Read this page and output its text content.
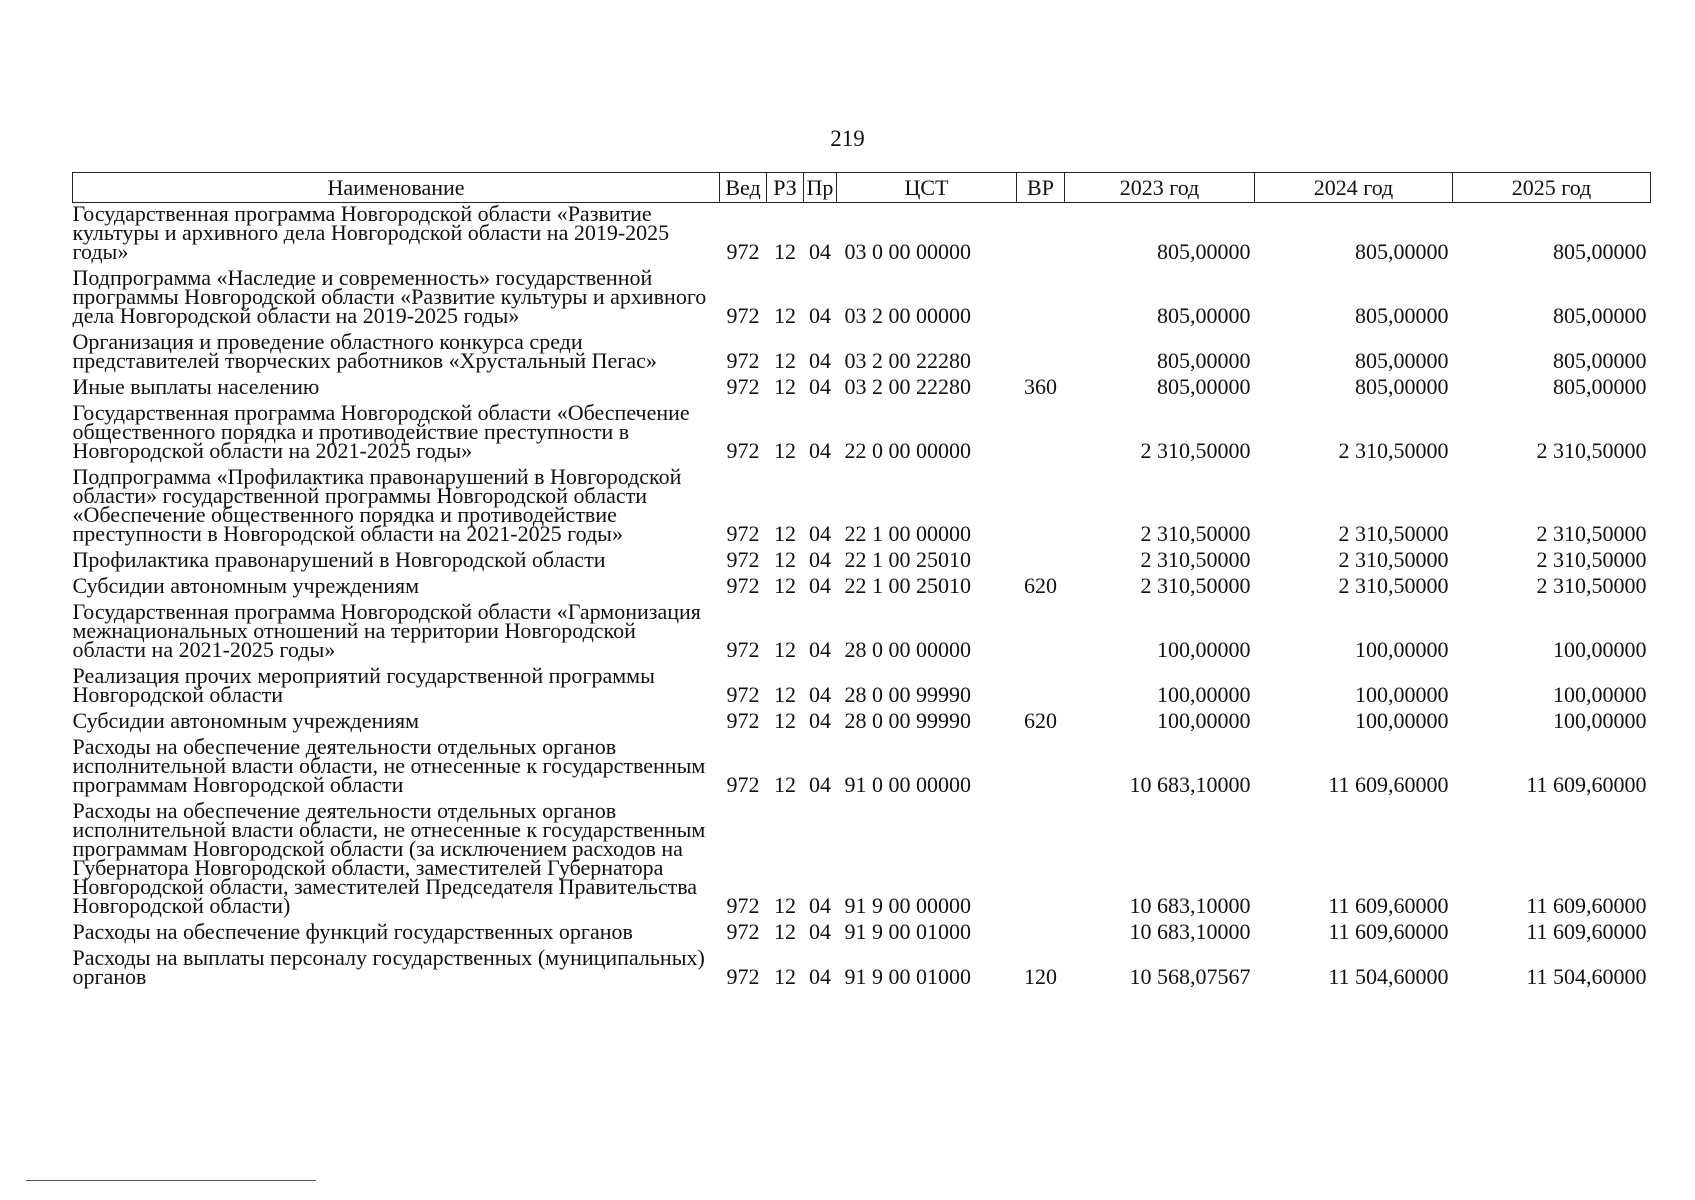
219
Наименование	Вед	РЗ	Пр	ЦСТ	ВР	2023 год	2024 год	2025 год
Государственная программа Новгородской области «Развитие культуры и архивного дела Новгородской области на 2019-2025 годы»	972	12	04	03 0 00 00000		805,00000	805,00000	805,00000
Подпрограмма «Наследие и современность» государственной программы Новгородской области «Развитие культуры и архивного дела Новгородской области на 2019-2025 годы»	972	12	04	03 2 00 00000		805,00000	805,00000	805,00000
Организация и проведение областного конкурса среди представителей творческих работников «Хрустальный Пегас»	972	12	04	03 2 00 22280		805,00000	805,00000	805,00000
Иные выплаты населению	972	12	04	03 2 00 22280	360	805,00000	805,00000	805,00000
Государственная программа Новгородской области «Обеспечение общественного порядка и противодействие преступности в Новгородской области на 2021-2025 годы»	972	12	04	22 0 00 00000		2 310,50000	2 310,50000	2 310,50000
Подпрограмма «Профилактика правонарушений в Новгородской области» государственной программы Новгородской области «Обеспечение общественного порядка и противодействие преступности в Новгородской области на 2021-2025 годы»	972	12	04	22 1 00 00000		2 310,50000	2 310,50000	2 310,50000
Профилактика правонарушений в Новгородской области	972	12	04	22 1 00 25010		2 310,50000	2 310,50000	2 310,50000
Субсидии автономным учреждениям	972	12	04	22 1 00 25010	620	2 310,50000	2 310,50000	2 310,50000
Государственная программа Новгородской области «Гармонизация межнациональных отношений на территории Новгородской области на 2021-2025 годы»	972	12	04	28 0 00 00000		100,00000	100,00000	100,00000
Реализация прочих мероприятий государственной программы Новгородской области	972	12	04	28 0 00 99990		100,00000	100,00000	100,00000
Субсидии автономным учреждениям	972	12	04	28 0 00 99990	620	100,00000	100,00000	100,00000
Расходы на обеспечение деятельности отдельных органов исполнительной власти области, не отнесенные к государственным программам Новгородской области	972	12	04	91 0 00 00000		10 683,10000	11 609,60000	11 609,60000
Расходы на обеспечение деятельности отдельных органов исполнительной власти области, не отнесенные к государственным программам Новгородской области (за исключением расходов на Губернатора Новгородской области, заместителей Губернатора Новгородской области, заместителей Председателя Правительства Новгородской области)	972	12	04	91 9 00 00000		10 683,10000	11 609,60000	11 609,60000
Расходы на обеспечение функций государственных органов	972	12	04	91 9 00 01000		10 683,10000	11 609,60000	11 609,60000
Расходы на выплаты персоналу государственных (муниципальных) органов	972	12	04	91 9 00 01000	120	10 568,07567	11 504,60000	11 504,60000
